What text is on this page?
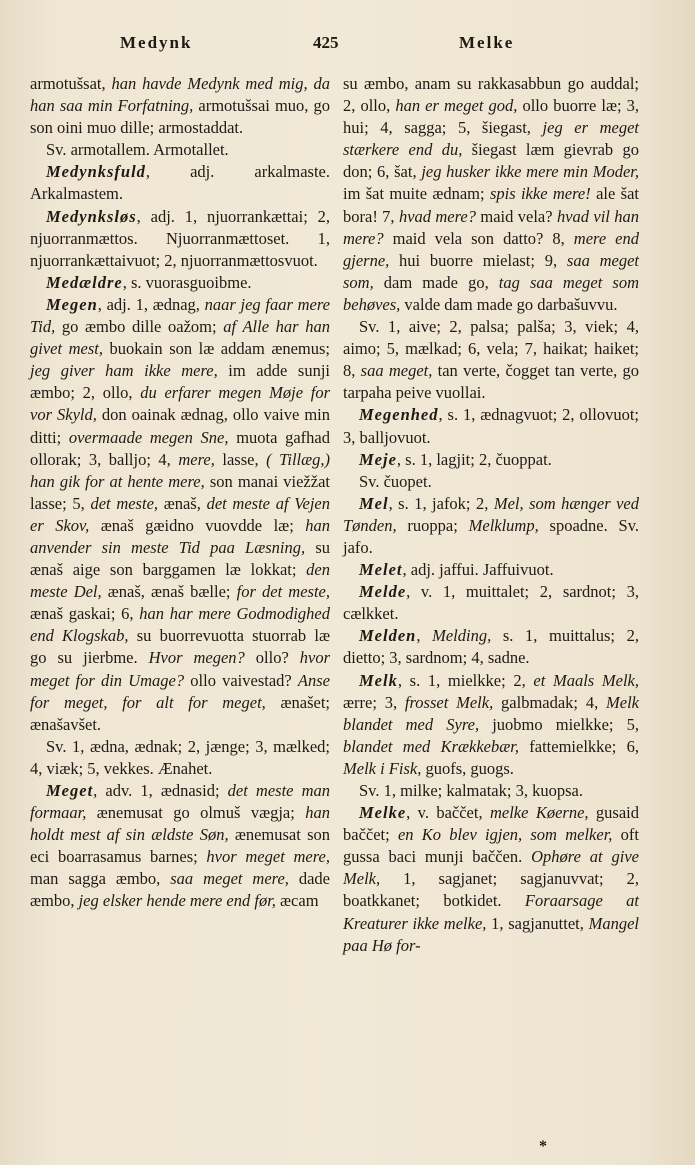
Medynk	425	Melke

armotušsat, han havde Medynk med mig, da han saa min Forfatning, armotušsai muo, go son oini muo dille; armostaddat.

Sv. armotallem. Armotallet.

Medynksfuld, adj. arkalmaste. Arkalmastem.

Medynksløs, adj. 1, njuorrankættai; 2, njuorranmættos. Njuorranmættoset. 1, njuorrankættaivuot; 2, njuorranmættosvuot.

Medældre, s. vuorasguoibme.

Megen, adj. 1, ædnag, naar jeg faar mere Tid, go æmbo dille oažom; af Alle har han givet mest, buokain son læ addam ænemus; jeg giver ham ikke mere, im adde sunji æmbo; 2, ollo, du erfarer megen Møje for vor Skyld, don oainak ædnag, ollo vaive min ditti; overmaade megen Sne, muota gafhad ollorak; 3, balljo; 4, mere, lasse, ( Tillæg,) han gik for at hente mere, son manai viežžat lasse; 5, det meste, ænaš, det meste af Vejen er Skov, ænaš gæidno vuovdde læ; han anvender sin meste Tid paa Læsning, su ænaš aige son barggamen læ lokkat; den meste Del, ænaš, ænaš bælle; for det meste, ænaš gaskai; 6, han har mere Godmodighed end Klogskab, su buorrevuotta stuorrab læ go su jierbme. Hvor megen? ollo? hvor meget for din Umage? ollo vaivestad? Anse for meget, for alt for meget, ænašet; ænašavšet.

Sv. 1, ædna, ædnak; 2, jænge; 3, mælked; 4, viæk; 5, vekkes. Ænahet.

Meget, adv. 1, ædnasid; det meste man formaar, ænemusat go olmuš vægja; han holdt mest af sin ældste Søn, ænemusat son eci boarrasamus barnes; hvor meget mere, man sagga æmbo, saa meget mere, dade æmbo, jeg elsker hende mere end før, æcam

su æmbo, anam su rakkasabbun go auddal; 2, ollo, han er meget god, ollo buorre læ; 3, hui; 4, sagga; 5, šiegast, jeg er meget stærkere end du, šiegast læm gievrab go don; 6, šat, jeg husker ikke mere min Moder, im šat muite ædnam; spis ikke mere! ale šat bora! 7, hvad mere? maid vela? hvad vil han mere? maid vela son datto? 8, mere end gjerne, hui buorre mielast; 9, saa meget som, dam made go, tag saa meget som behøves, valde dam made go darbašuvvu.

Sv. 1, aive; 2, palsa; palša; 3, viek; 4, aimo; 5, mælkad; 6, vela; 7, haikat; haiket; 8, saa meget, tan verte, čogget tan verte, go tarpaha peive vuollai.

Megenhed, s. 1, ædnagvuot; 2, ollovuot; 3, balljovuot.

Meje, s. 1, lagjit; 2, čuoppat.

Sv. čuopet.

Mel, s. 1, jafok; 2, Mel, som hænger ved Tønden, ruoppa; Melklump, spoadne. Sv. jafo.

Melet, adj. jaffui. Jaffuivuot.

Melde, v. 1, muittalet; 2, sardnot; 3, cælkket.

Melden, Melding, s. 1, muittalus; 2, dietto; 3, sardnom; 4, sadne.

Melk, s. 1, mielkke; 2, et Maals Melk, ærre; 3, frosset Melk, galbmadak; 4, Melk blandet med Syre, juobmo mielkke; 5, blandet med Krækkebær, fattemielkke; 6, Melk i Fisk, guofs, guogs.

Sv. 1, milke; kalmatak; 3, kuopsa.

Melke, v. baččet, melke Køerne, gusaid baččet; en Ko blev igjen, som melker, oft gussa baci munji baččen. Ophøre at give Melk, 1, sagjanet; sagjanuvvat; 2, boatkkanet; botkidet. Foraarsage at Kreaturer ikke melke, 1, sagjanuttet, Mangel paa Hø for-

*
